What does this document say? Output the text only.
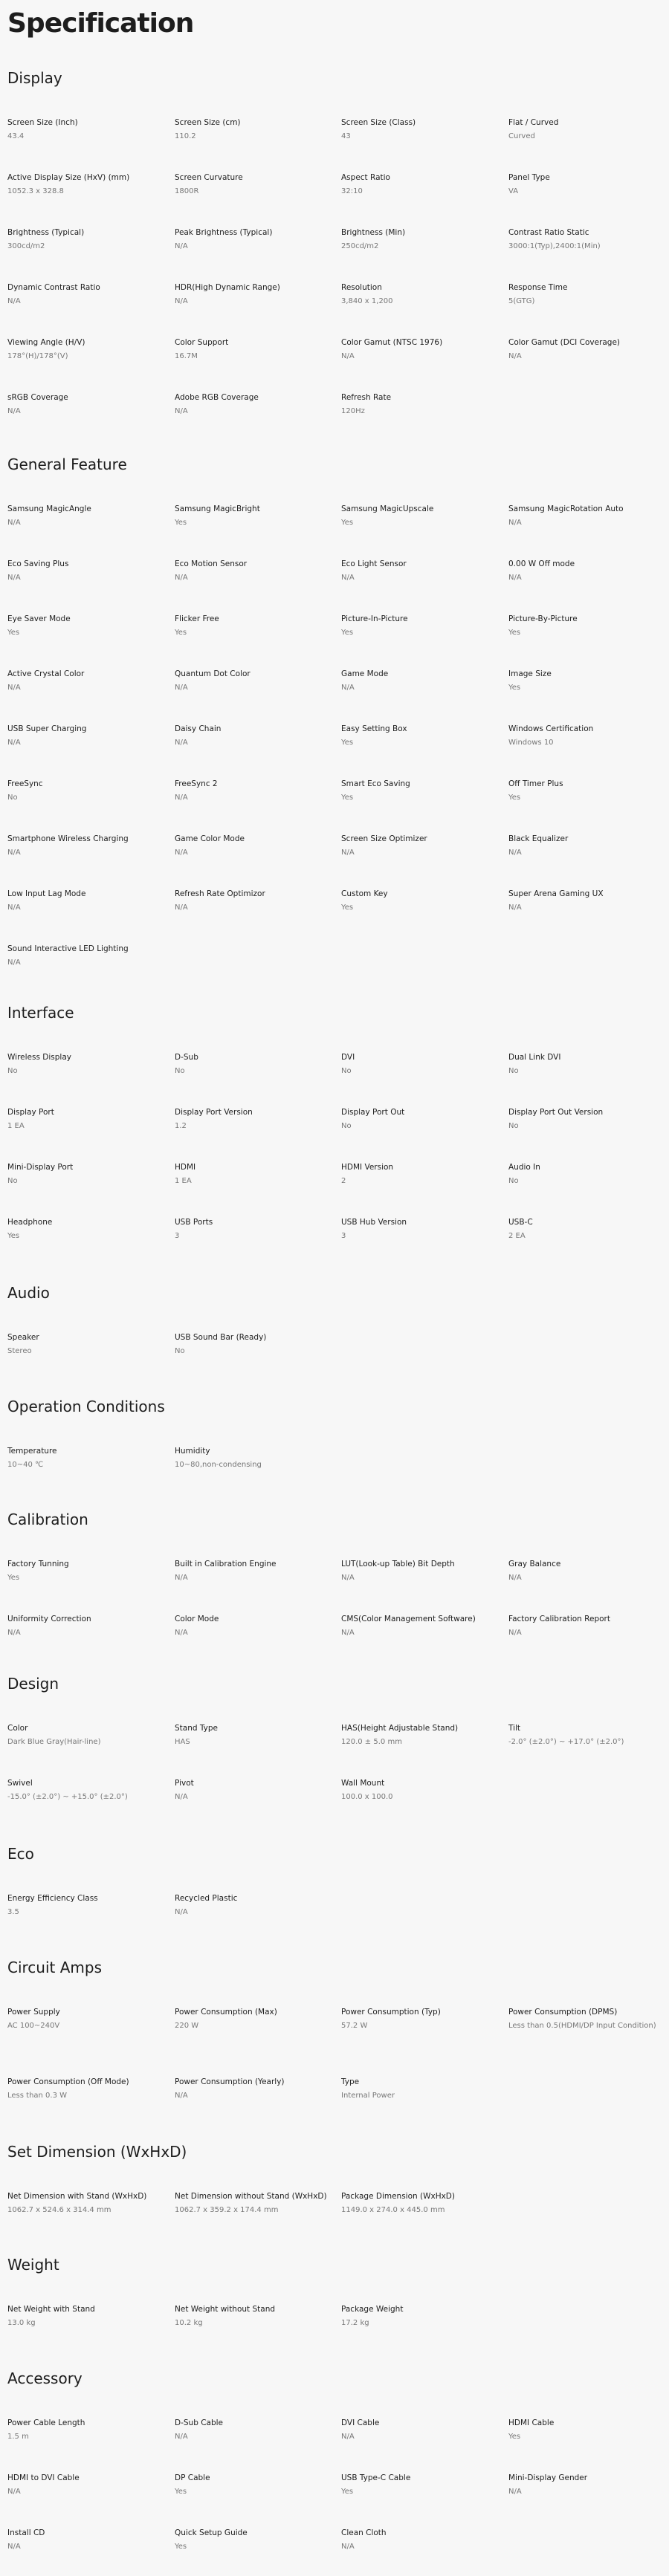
Specification
Display
Screen Size (Inch)
43.4
Screen Size (cm)
110.2
Screen Size (Class)
43
Flat / Curved
Curved
Active Display Size (HxV) (mm)
1052.3 x 328.8
Screen Curvature
1800R
Aspect Ratio
32:10
Panel Type
VA
Brightness (Typical)
300cd/m2
Peak Brightness (Typical)
N/A
Brightness (Min)
250cd/m2
Contrast Ratio Static
3000:1(Typ),2400:1(Min)
Dynamic Contrast Ratio
N/A
HDR(High Dynamic Range)
N/A
Resolution
3,840 x 1,200
Response Time
5(GTG)
Viewing Angle (H/V)
178°(H)/178°(V)
Color Support
16.7M
Color Gamut (NTSC 1976)
N/A
Color Gamut (DCI Coverage)
N/A
sRGB Coverage
N/A
Adobe RGB Coverage
N/A
Refresh Rate
120Hz
General Feature
Samsung MagicAngle
N/A
Samsung MagicBright
Yes
Samsung MagicUpscale
Yes
Samsung MagicRotation Auto
N/A
Eco Saving Plus
N/A
Eco Motion Sensor
N/A
Eco Light Sensor
N/A
0.00 W Off mode
N/A
Eye Saver Mode
Yes
Flicker Free
Yes
Picture-In-Picture
Yes
Picture-By-Picture
Yes
Active Crystal Color
N/A
Quantum Dot Color
N/A
Game Mode
N/A
Image Size
Yes
USB Super Charging
N/A
Daisy Chain
N/A
Easy Setting Box
Yes
Windows Certification
Windows 10
FreeSync
No
FreeSync 2
N/A
Smart Eco Saving
Yes
Off Timer Plus
Yes
Smartphone Wireless Charging
N/A
Game Color Mode
N/A
Screen Size Optimizer
N/A
Black Equalizer
N/A
Low Input Lag Mode
N/A
Refresh Rate Optimizor
N/A
Custom Key
Yes
Super Arena Gaming UX
N/A
Sound Interactive LED Lighting
N/A
Interface
Wireless Display
No
D-Sub
No
DVI
No
Dual Link DVI
No
Display Port
1 EA
Display Port Version
1.2
Display Port Out
No
Display Port Out Version
No
Mini-Display Port
No
HDMI
1 EA
HDMI Version
2
Audio In
No
Headphone
Yes
USB Ports
3
USB Hub Version
3
USB-C
2 EA
Audio
Speaker
Stereo
USB Sound Bar (Ready)
No
Operation Conditions
Temperature
10~40 ℃
Humidity
10~80,non-condensing
Calibration
Factory Tunning
Yes
Built in Calibration Engine
N/A
LUT(Look-up Table) Bit Depth
N/A
Gray Balance
N/A
Uniformity Correction
N/A
Color Mode
N/A
CMS(Color Management Software)
N/A
Factory Calibration Report
N/A
Design
Color
Dark Blue Gray(Hair-line)
Stand Type
HAS
HAS(Height Adjustable Stand)
120.0 ± 5.0 mm
Tilt
-2.0° (±2.0°) ~ +17.0° (±2.0°)
Swivel
-15.0° (±2.0°) ~ +15.0° (±2.0°)
Pivot
N/A
Wall Mount
100.0 x 100.0
Eco
Energy Efficiency Class
3.5
Recycled Plastic
N/A
Circuit Amps
Power Supply
AC 100~240V
Power Consumption (Max)
220 W
Power Consumption (Typ)
57.2 W
Power Consumption (DPMS)
Less than 0.5(HDMI/DP Input Condition)
Power Consumption (Off Mode)
Less than 0.3 W
Power Consumption (Yearly)
N/A
Type
Internal Power
Set Dimension (WxHxD)
Net Dimension with Stand (WxHxD)
1062.7 x 524.6 x 314.4 mm
Net Dimension without Stand (WxHxD)
1062.7 x 359.2 x 174.4 mm
Package Dimension (WxHxD)
1149.0 x 274.0 x 445.0 mm
Weight
Net Weight with Stand
13.0 kg
Net Weight without Stand
10.2 kg
Package Weight
17.2 kg
Accessory
Power Cable Length
1.5 m
D-Sub Cable
N/A
DVI Cable
N/A
HDMI Cable
Yes
HDMI to DVI Cable
N/A
DP Cable
Yes
USB Type-C Cable
Yes
Mini-Display Gender
N/A
Install CD
N/A
Quick Setup Guide
Yes
Clean Cloth
N/A
